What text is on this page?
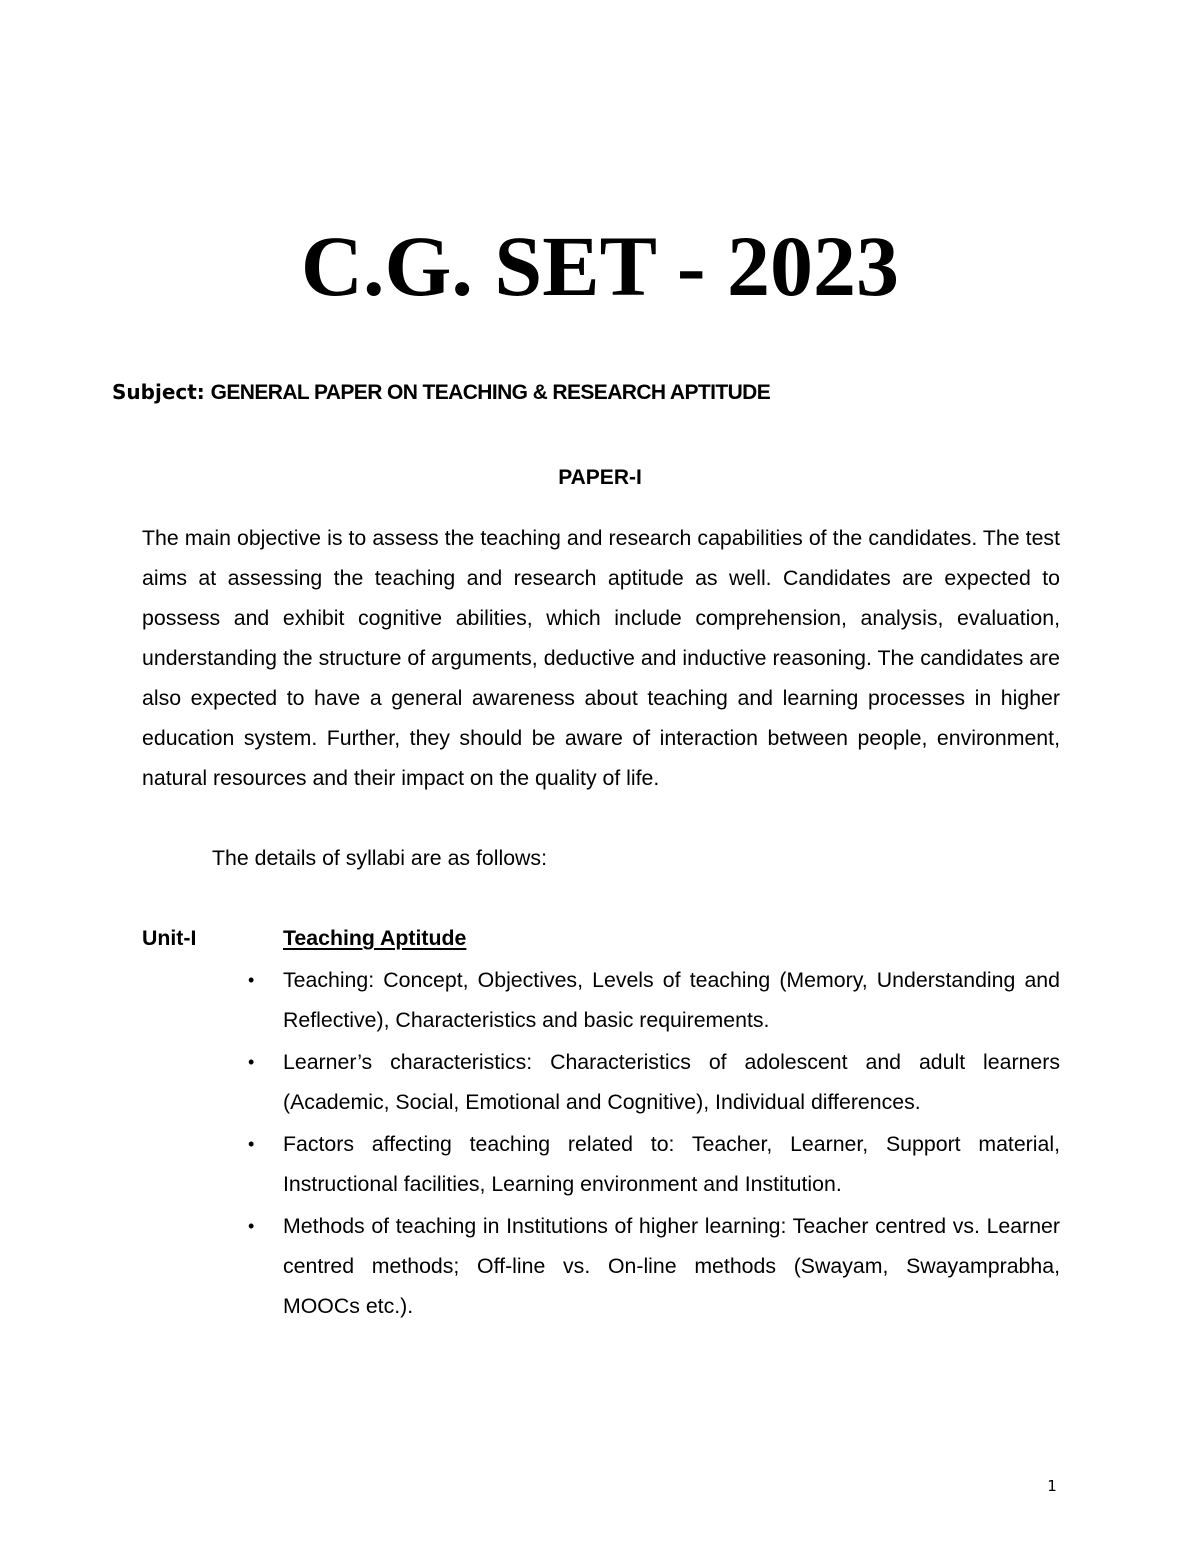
C.G. SET - 2023
Subject: GENERAL PAPER ON TEACHING & RESEARCH APTITUDE
PAPER-I

The main objective is to assess the teaching and research capabilities of the candidates. The test aims at assessing the teaching and research aptitude as well. Candidates are expected to possess and exhibit cognitive abilities, which include comprehension, analysis, evaluation, understanding the structure of arguments, deductive and inductive reasoning. The candidates are also expected to have a general awareness about teaching and learning processes in higher education system. Further, they should be aware of interaction between people, environment, natural resources and their impact on the quality of life.

The details of syllabi are as follows:

Unit-I	Teaching Aptitude
• Teaching: Concept, Objectives, Levels of teaching (Memory, Understanding and Reflective), Characteristics and basic requirements.
• Learner’s characteristics: Characteristics of adolescent and adult learners (Academic, Social, Emotional and Cognitive), Individual differences.
• Factors affecting teaching related to: Teacher, Learner, Support material, Instructional facilities, Learning environment and Institution.
• Methods of teaching in Institutions of higher learning: Teacher centred vs. Learner centred methods; Off-line vs. On-line methods (Swayam, Swayamprabha, MOOCs etc.).
1
